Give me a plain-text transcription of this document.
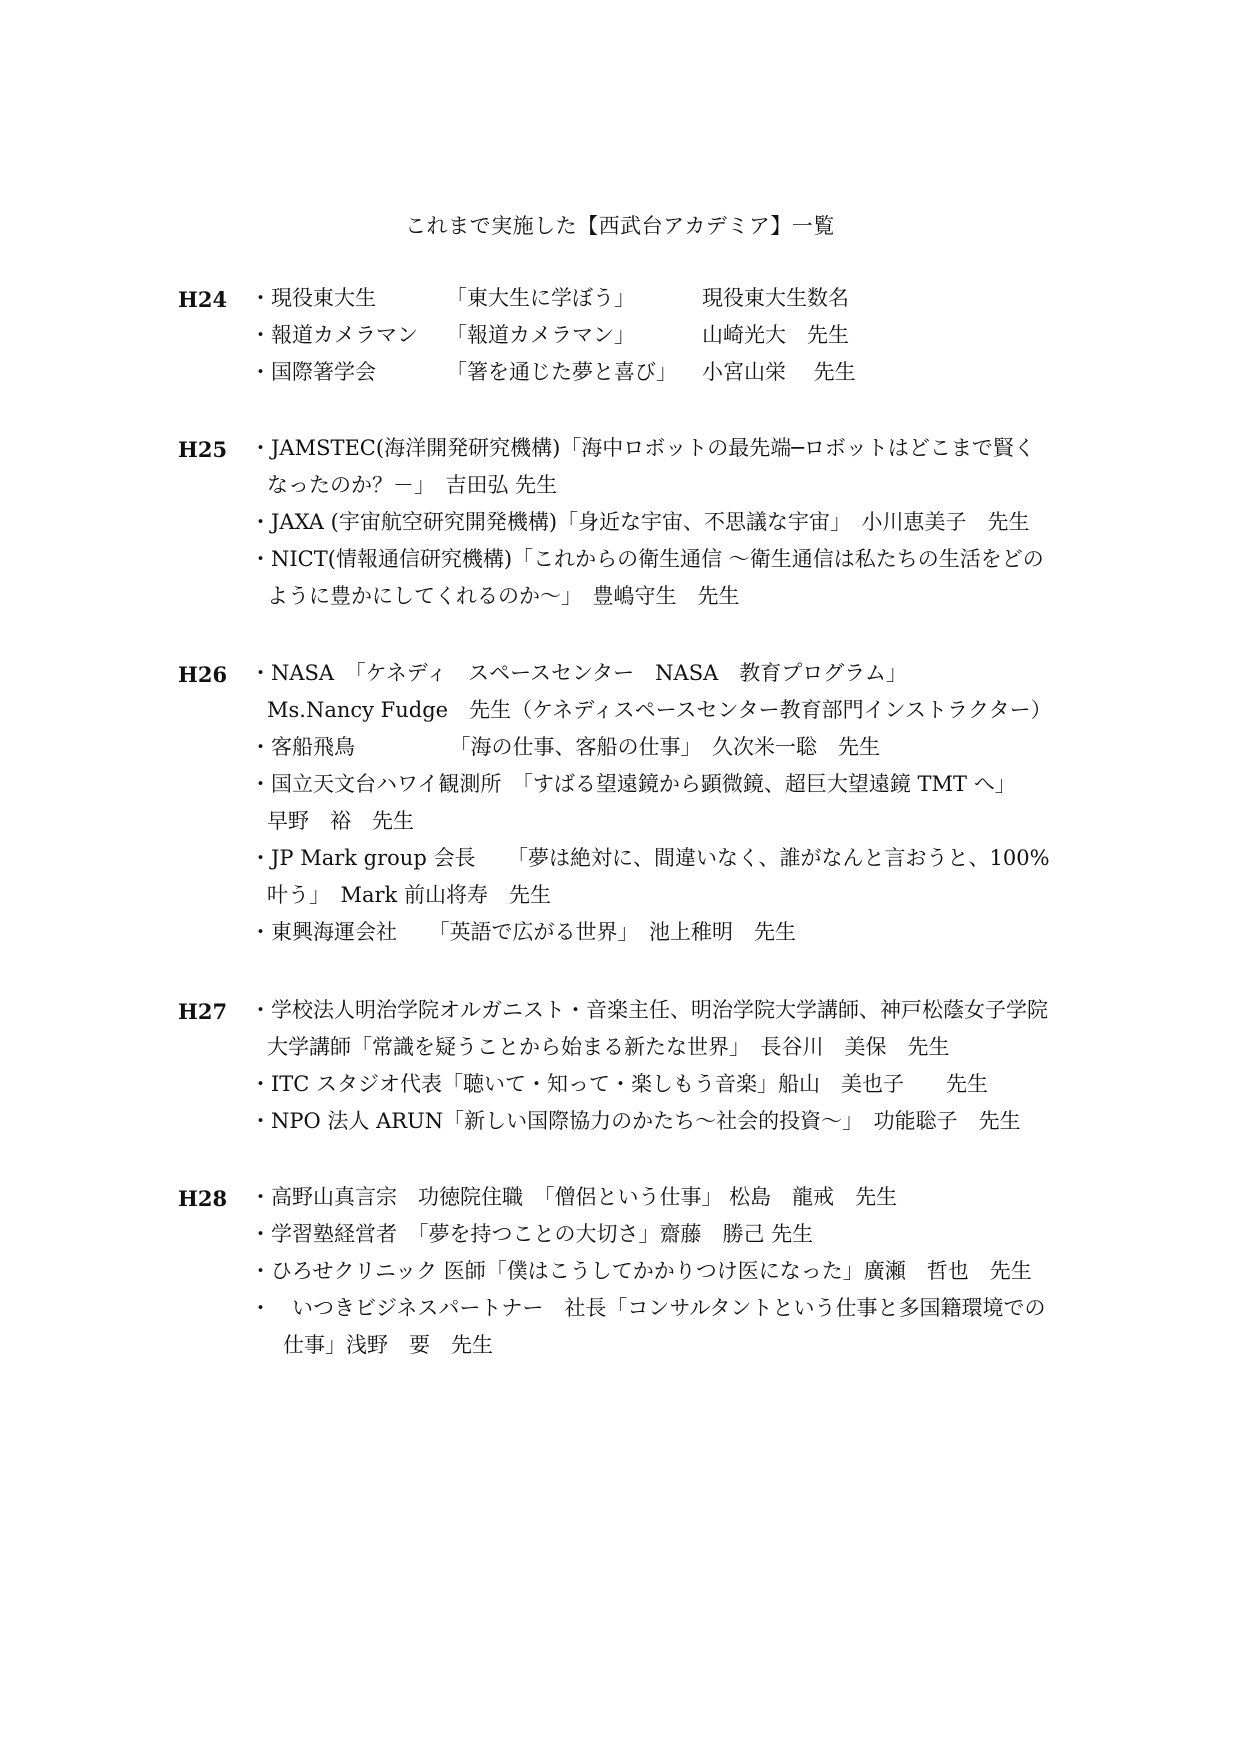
これまで実施した【西武台アカデミア】一覧
H24 ・現役東大生	「東大生に学ぼう」	現役東大生数名
・報道カメラマン 「報道カメラマン」	山崎光大　先生
・国際箸学会	「箸を通じた夢と喜び」 小宮山栄　 先生
H25 ・JAMSTEC(海洋開発研究機構)「海中ロボットの最先端─ロボットはどこまで賢く
なったのか？－」　吉田弘 先生
・JAXA (宇宙航空研究開発機構)「身近な宇宙、不思議な宇宙」　小川恵美子　先生
・NICT(情報通信研究機構)「これからの衛生通信 ～衛生通信は私たちの生活をどの
ように豊かにしてくれるのか～」　豊嶋守生　先生
H26 ・NASA　「ケネディ　スペースセンター　NASA　教育プログラム」
Ms.Nancy Fudge　先生（ケネディスペースセンター教育部門インストラクター）
・客船飛鳥　　　　　「海の仕事、客船の仕事」　久次米一聡　先生
・国立天文台ハワイ観測所　「すばる望遠鏡から顕微鏡、超巨大望遠鏡 TMT へ」
早野　裕　先生
・JP Mark group 会長　　「夢は絶対に、間違いなく、誰がなんと言おうと、100%
叶う」　Mark 前山将寿　先生
・東興海運会社　　「英語で広がる世界」　池上稚明　先生
H27 ・学校法人明治学院オルガニスト・音楽主任、明治学院大学講師、神戸松蔭女子学院
大学講師「常識を疑うことから始まる新たな世界」　長谷川　美保　先生
・ITC スタジオ代表「聴いて・知って・楽しもう音楽」船山　美也子　　先生
・NPO 法人 ARUN「新しい国際協力のかたち～社会的投資～」　功能聡子　先生
H28 ・高野山真言宗　功徳院住職　「僧侶という仕事」 松島　龍戒　先生
・学習塾経営者　「夢を持つことの大切さ」齋藤　勝己 先生
・ひろせクリニック 医師「僕はこうしてかかりつけ医になった」廣瀬　哲也　先生
・　いつきビジネスパートナー　社長「コンサルタントという仕事と多国籍環境での
仕事」浅野　要　先生
